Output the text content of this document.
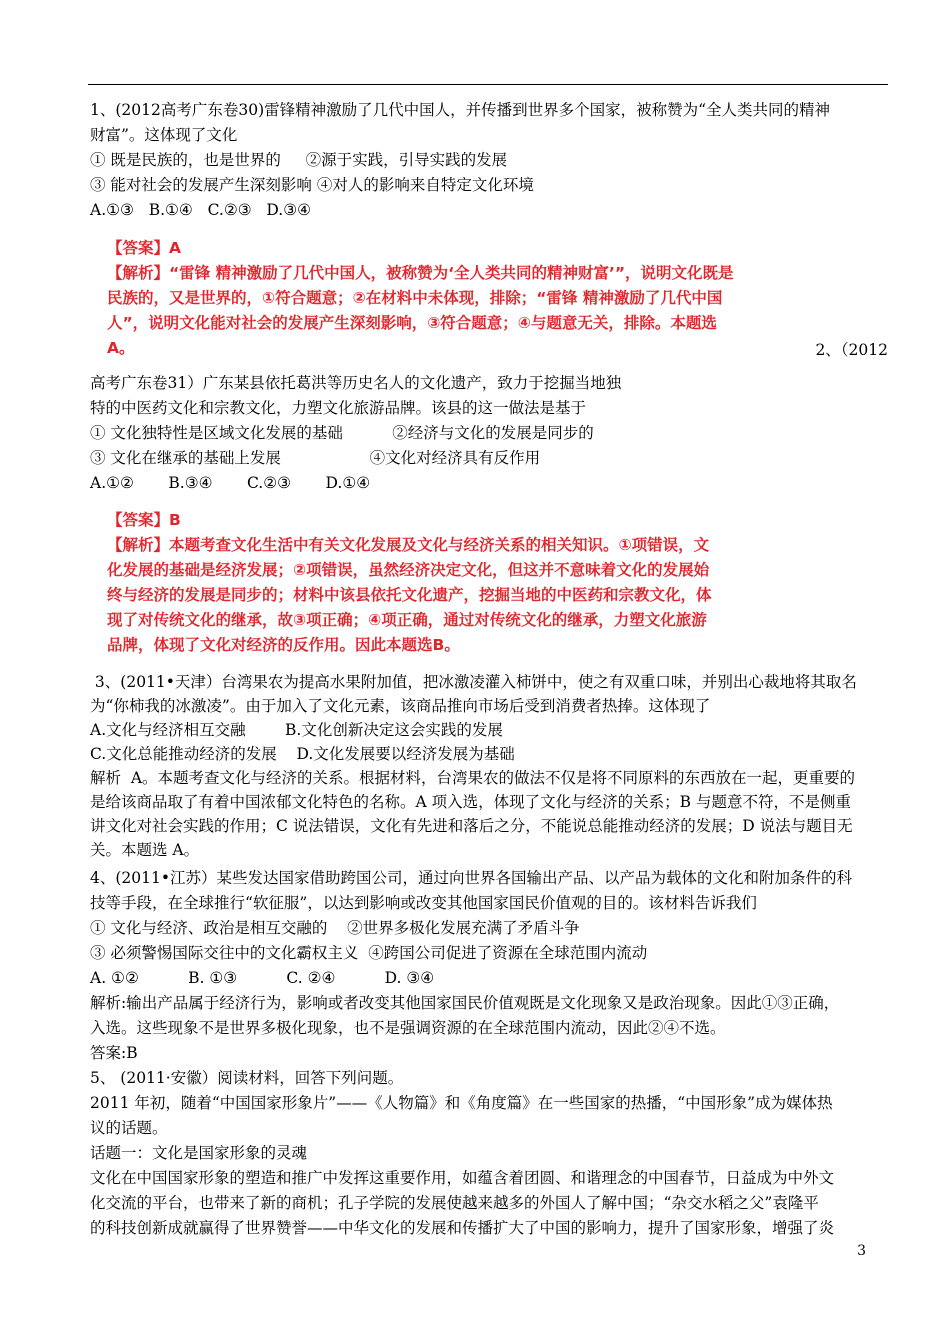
1、(2012高考广东卷30)雷锋精神激励了几代中国人，并传播到世界多个国家，被称赞为“全人类共同的精神
财富”。这体现了文化
① 既是民族的，也是世界的     ②源于实践，引导实践的发展
③ 能对社会的发展产生深刻影响 ④对人的影响来自特定文化环境
A.①③   B.①④   C.②③   D.③④
【答案】A
【解析】“雷锋 精神激励了几代中国人，被称赞为‘全人类共同的精神财富’”，说明文化既是
民族的，又是世界的，①符合题意；②在材料中未体现，排除；“雷锋 精神激励了几代中国
人”，说明文化能对社会的发展产生深刻影响，③符合题意；④与题意无关，排除。本题选
A。	2、（2012
高考广东卷31）广东某县依托葛洪等历史名人的文化遗产，致力于挖掘当地独
特的中医药文化和宗教文化，力塑文化旅游品牌。该县的这一做法是基于
① 文化独特性是区域文化发展的基础          ②经济与文化的发展是同步的
③ 文化在继承的基础上发展                  ④文化对经济具有反作用
A.①②       B.③④       C.②③       D.①④
【答案】B
【解析】本题考查文化生活中有关文化发展及文化与经济关系的相关知识。①项错误，文
化发展的基础是经济发展；②项错误，虽然经济决定文化，但这并不意味着文化的发展始
终与经济的发展是同步的；材料中该县依托文化遗产，挖掘当地的中医药和宗教文化，体
现了对传统文化的继承，故③项正确；④项正确，通过对传统文化的继承，力塑文化旅游
品牌，体现了文化对经济的反作用。因此本题选B。
3、(2011•天津）台湾果农为提高水果附加值，把冰激凌灌入柿饼中，使之有双重口味，并别出心裁地将其取名
为“你柿我的冰激凌”。由于加入了文化元素，该商品推向市场后受到消费者热捧。这体现了
A.文化与经济相互交融        B.文化创新决定这会实践的发展
C.文化总能推动经济的发展    D.文化发展要以经济发展为基础
解析  A。本题考查文化与经济的关系。根据材料，台湾果农的做法不仅是将不同原料的东西放在一起，更重要的
是给该商品取了有着中国浓郁文化特色的名称。A 项入选，体现了文化与经济的关系；B 与题意不符，不是侧重
讲文化对社会实践的作用；C 说法错误，文化有先进和落后之分，不能说总能推动经济的发展；D 说法与题目无
关。本题选 A。
4、(2011•江苏）某些发达国家借助跨国公司，通过向世界各国输出产品、以产品为载体的文化和附加条件的科
技等手段，在全球推行“软征服”，以达到影响或改变其他国家国民价值观的目的。该材料告诉我们
① 文化与经济、政治是相互交融的    ②世界多极化发展充满了矛盾斗争
③ 必须警惕国际交往中的文化霸权主义  ④跨国公司促进了资源在全球范围内流动
A. ①②          B. ①③          C. ②④          D. ③④
解析:输出产品属于经济行为，影响或者改变其他国家国民价值观既是文化现象又是政治现象。因此①③正确，
入选。这些现象不是世界多极化现象，也不是强调资源的在全球范围内流动，因此②④不选。
答案:B
5、 (2011·安徽）阅读材料，回答下列问题。
2011 年初，随着“中国国家形象片”——《人物篇》和《角度篇》在一些国家的热播，“中国形象”成为媒体热
议的话题。
话题一：文化是国家形象的灵魂
文化在中国国家形象的塑造和推广中发挥这重要作用，如蕴含着团圆、和谐理念的中国春节，日益成为中外文
化交流的平台，也带来了新的商机；孔子学院的发展使越来越多的外国人了解中国；“杂交水稻之父”袁隆平
的科技创新成就赢得了世界赞誉——中华文化的发展和传播扩大了中国的影响力，提升了国家形象，增强了炎
3
